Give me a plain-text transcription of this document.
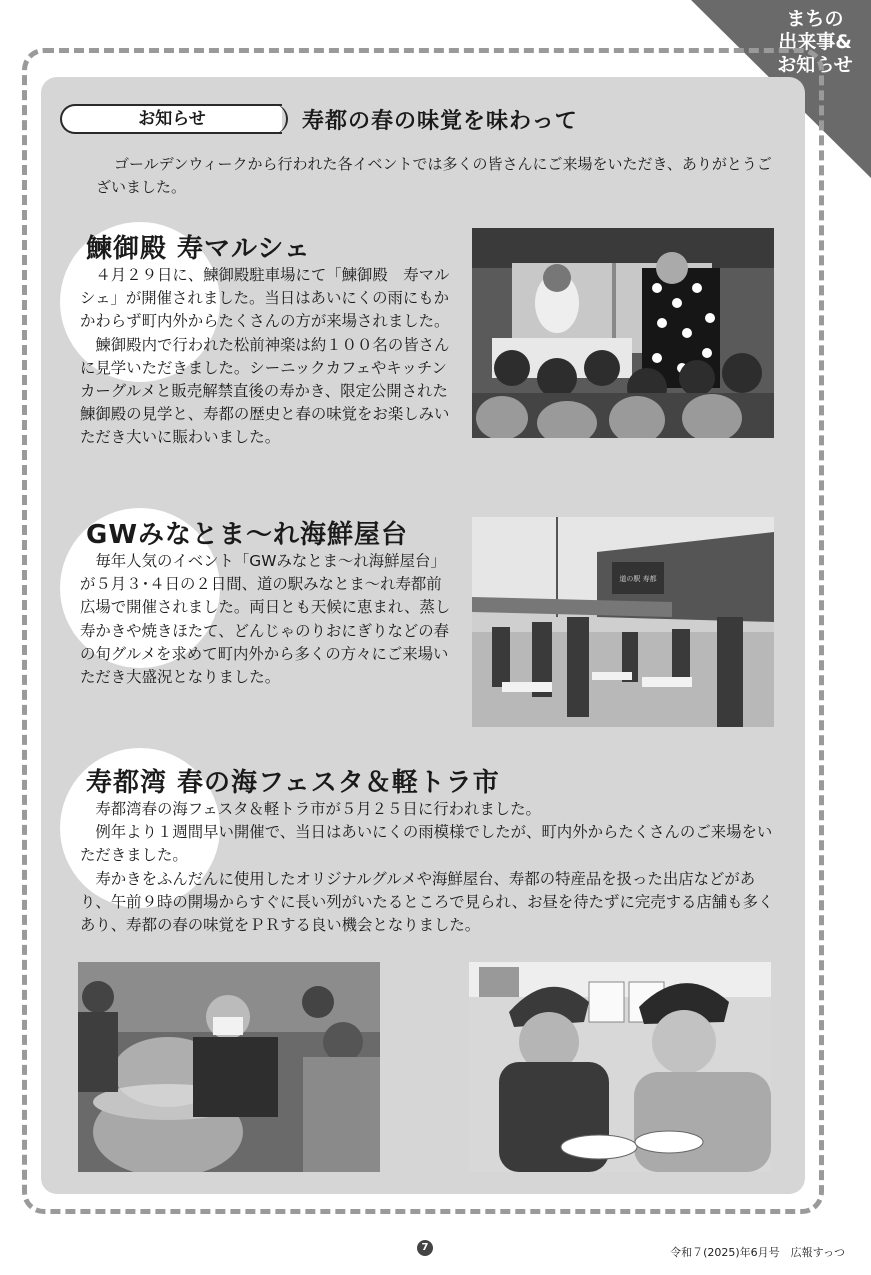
まちの
出来事&
お知らせ
お知らせ	寿都の春の味覚を味わって
ゴールデンウィークから行われた各イベントでは多くの皆さんにご来場をいただき、ありがとうございました。
鰊御殿 寿マルシェ

４月２９日に、鰊御殿駐車場にて「鰊御殿　寿マルシェ」が開催されました。当日はあいにくの雨にもかかわらず町内外からたくさんの方が来場されました。

鰊御殿内で行われた松前神楽は約１００名の皆さんに見学いただきました。シーニックカフェやキッチンカーグルメと販売解禁直後の寿かき、限定公開された鰊御殿の見学と、寿都の歴史と春の味覚をお楽しみいただき大いに賑わいました。

GWみなとま〜れ海鮮屋台

毎年人気のイベント「GWみなとま〜れ海鮮屋台」が５月３･４日の２日間、道の駅みなとま〜れ寿都前広場で開催されました。両日とも天候に恵まれ、蒸し寿かきや焼きほたて、どんじゃのりおにぎりなどの春の旬グルメを求めて町内外から多くの方々にご来場いただき大盛況となりました。

道の駅 寿都
寿都湾 春の海フェスタ＆軽トラ市

寿都湾春の海フェスタ＆軽トラ市が５月２５日に行われました。

例年より１週間早い開催で、当日はあいにくの雨模様でしたが、町内外からたくさんのご来場をいただきました。

寿かきをふんだんに使用したオリジナルグルメや海鮮屋台、寿都の特産品を扱った出店などがあり、午前９時の開場からすぐに長い列がいたるところで見られ、お昼を待たずに完売する店舗も多くあり、寿都の春の味覚をＰＲする良い機会となりました。

7	令和７(2025)年6月号　広報すっつ
